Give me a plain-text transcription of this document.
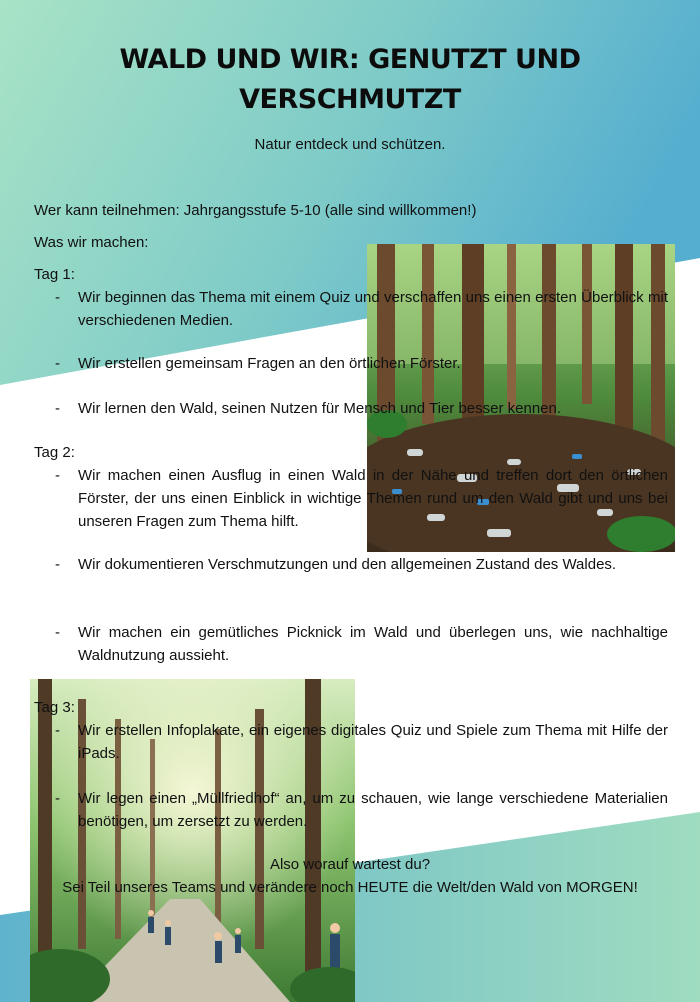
WALD UND WIR: GENUTZT UND
VERSCHMUTZT
Natur entdeck und schützen.
Wer kann teilnehmen: Jahrgangsstufe 5-10 (alle sind willkommen!)
Was wir machen:
Tag 1:
- Wir beginnen das Thema mit einem Quiz und verschaffen uns einen ersten Überblick mit verschiedenen Medien.

- Wir erstellen gemeinsam Fragen an den örtlichen Förster.

- Wir lernen den Wald, seinen Nutzen für Mensch und Tier besser kennen.

Tag 2:
- Wir machen einen Ausflug in einen Wald in der Nähe und treffen dort den örtlichen Förster, der uns einen Einblick in wichtige Themen rund um den Wald gibt und uns bei unseren Fragen zum Thema hilft.

- Wir dokumentieren Verschmutzungen und den allgemeinen Zustand des Waldes.

- Wir machen ein gemütliches Picknick im Wald und überlegen uns, wie nachhaltige Waldnutzung aussieht.

Tag 3:
- Wir erstellen Infoplakate, ein eigenes digitales Quiz und Spiele zum Thema mit Hilfe der iPads.

- Wir legen einen „Müllfriedhof“ an, um zu schauen, wie lange verschiedene Materialien benötigen, um zersetzt zu werden.

Also worauf wartest du?
Sei Teil unseres Teams und verändere noch HEUTE die Welt/den Wald von MORGEN!
